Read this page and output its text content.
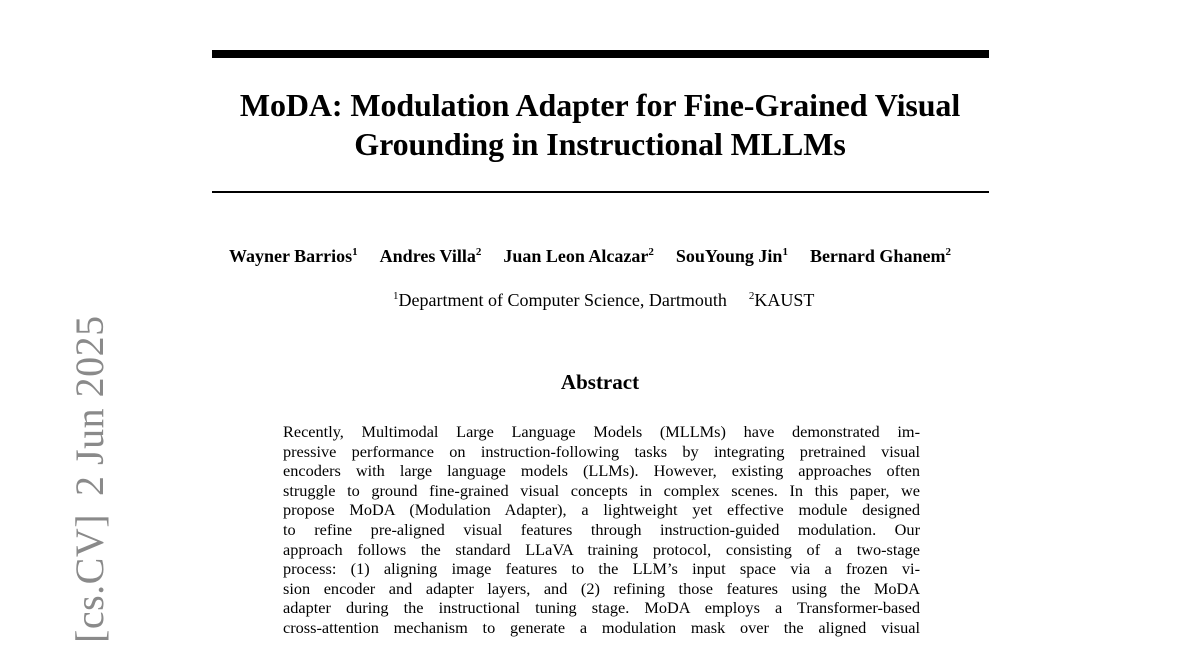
MoDA: Modulation Adapter for Fine-Grained Visual
Grounding in Instructional MLLMs
Wayner Barrios$^1$ Andres Villa$^2$ Juan Leon Alcazar$^2$ SouYoung Jin$^1$ Bernard Ghanem$^2$
$^1$Department of Computer Science, Dartmouth $^2$KAUST
Abstract
Recently, Multimodal Large Language Models (MLLMs) have demonstrated im-
pressive performance on instruction-following tasks by integrating pretrained visual
encoders with large language models (LLMs). However, existing approaches often
struggle to ground fine-grained visual concepts in complex scenes. In this paper, we
propose MoDA (Modulation Adapter), a lightweight yet effective module designed
to refine pre-aligned visual features through instruction-guided modulation. Our
approach follows the standard LLaVA training protocol, consisting of a two-stage
process: (1) aligning image features to the LLM’s input space via a frozen vi-
sion encoder and adapter layers, and (2) refining those features using the MoDA
adapter during the instructional tuning stage. MoDA employs a Transformer-based
cross-attention mechanism to generate a modulation mask over the aligned visual
[cs.CV]2 Jun 2025
